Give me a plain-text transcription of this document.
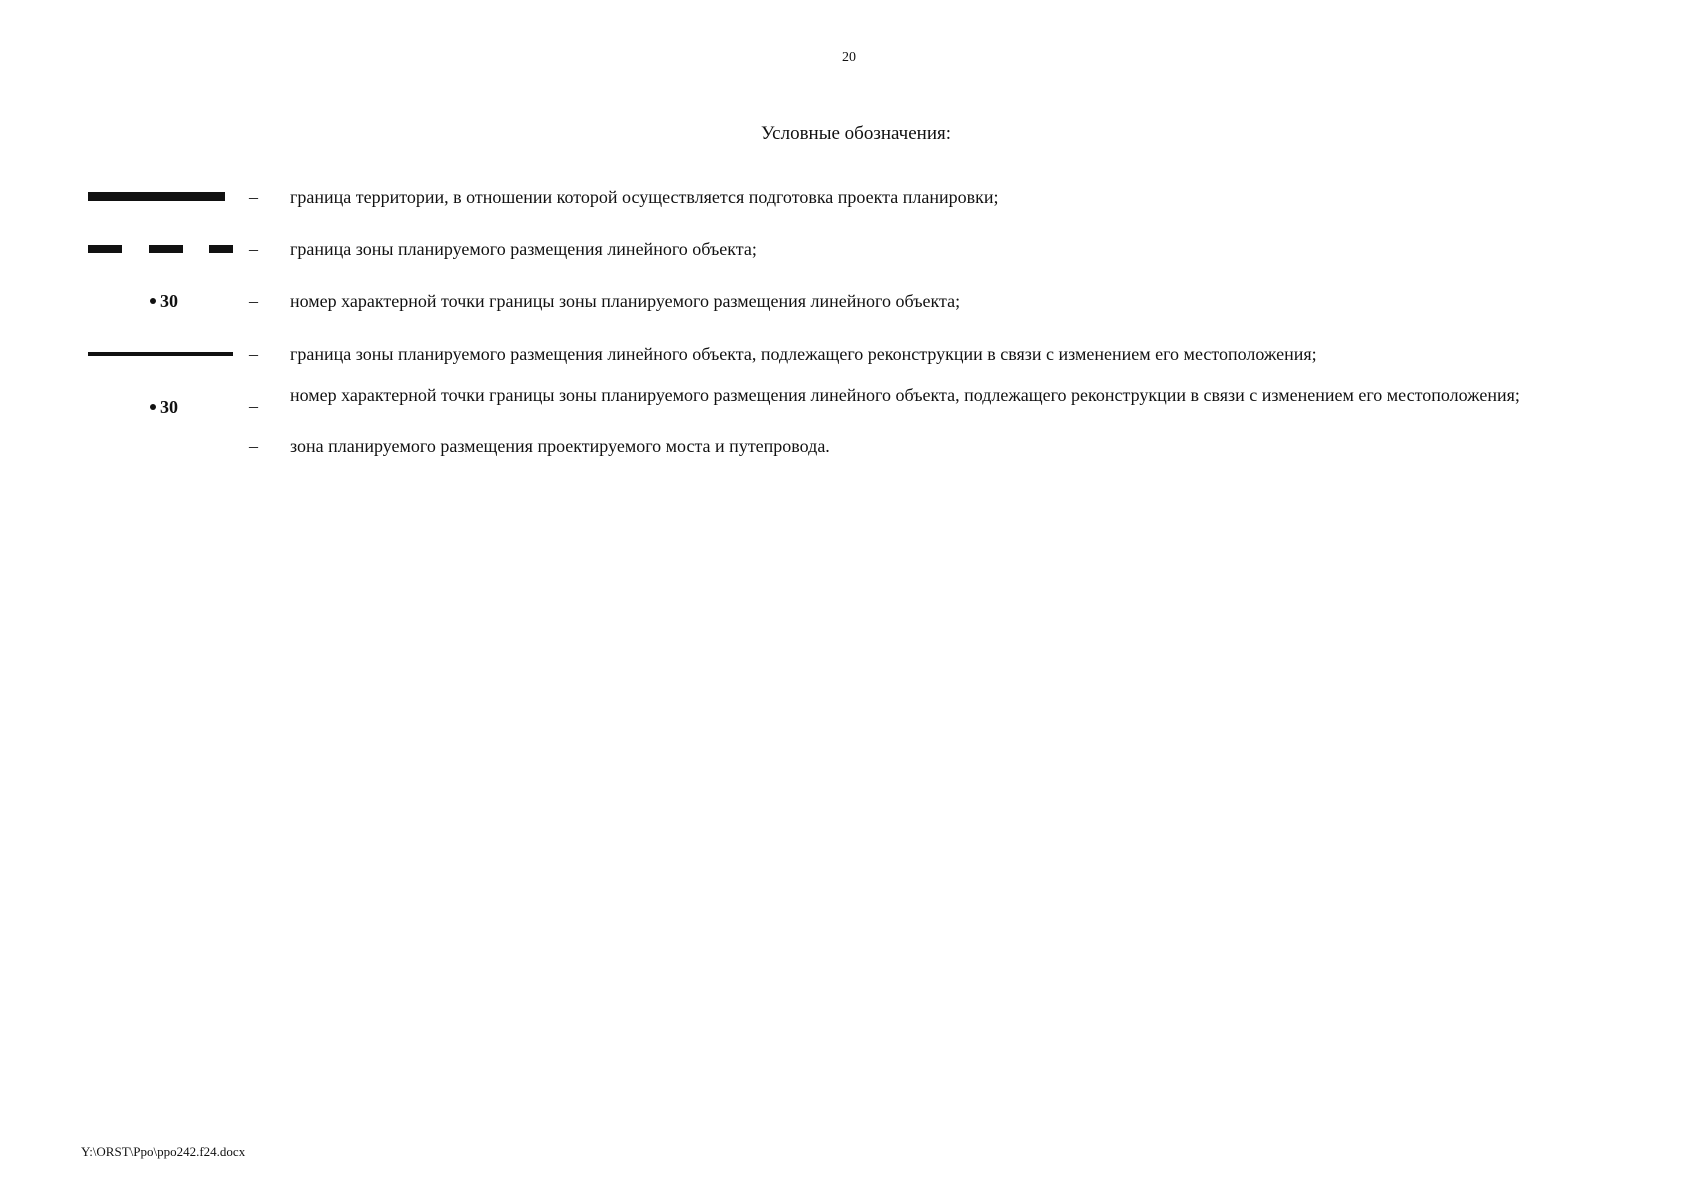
20
Условные обозначения:
– граница территории, в отношении которой осуществляется подготовка проекта планировки;
– граница зоны планируемого размещения линейного объекта;
30	– номер характерной точки границы зоны планируемого размещения линейного объекта;
– граница зоны планируемого размещения линейного объекта, подлежащего реконструкции в связи с изменением его местоположения;
30	–
номер характерной точки границы зоны планируемого размещения линейного объекта, подлежащего реконструкции в связи с изменением его местоположения;
– зона планируемого размещения проектируемого моста и путепровода.
Y:\ORST\Ppo\ppo242.f24.docx
